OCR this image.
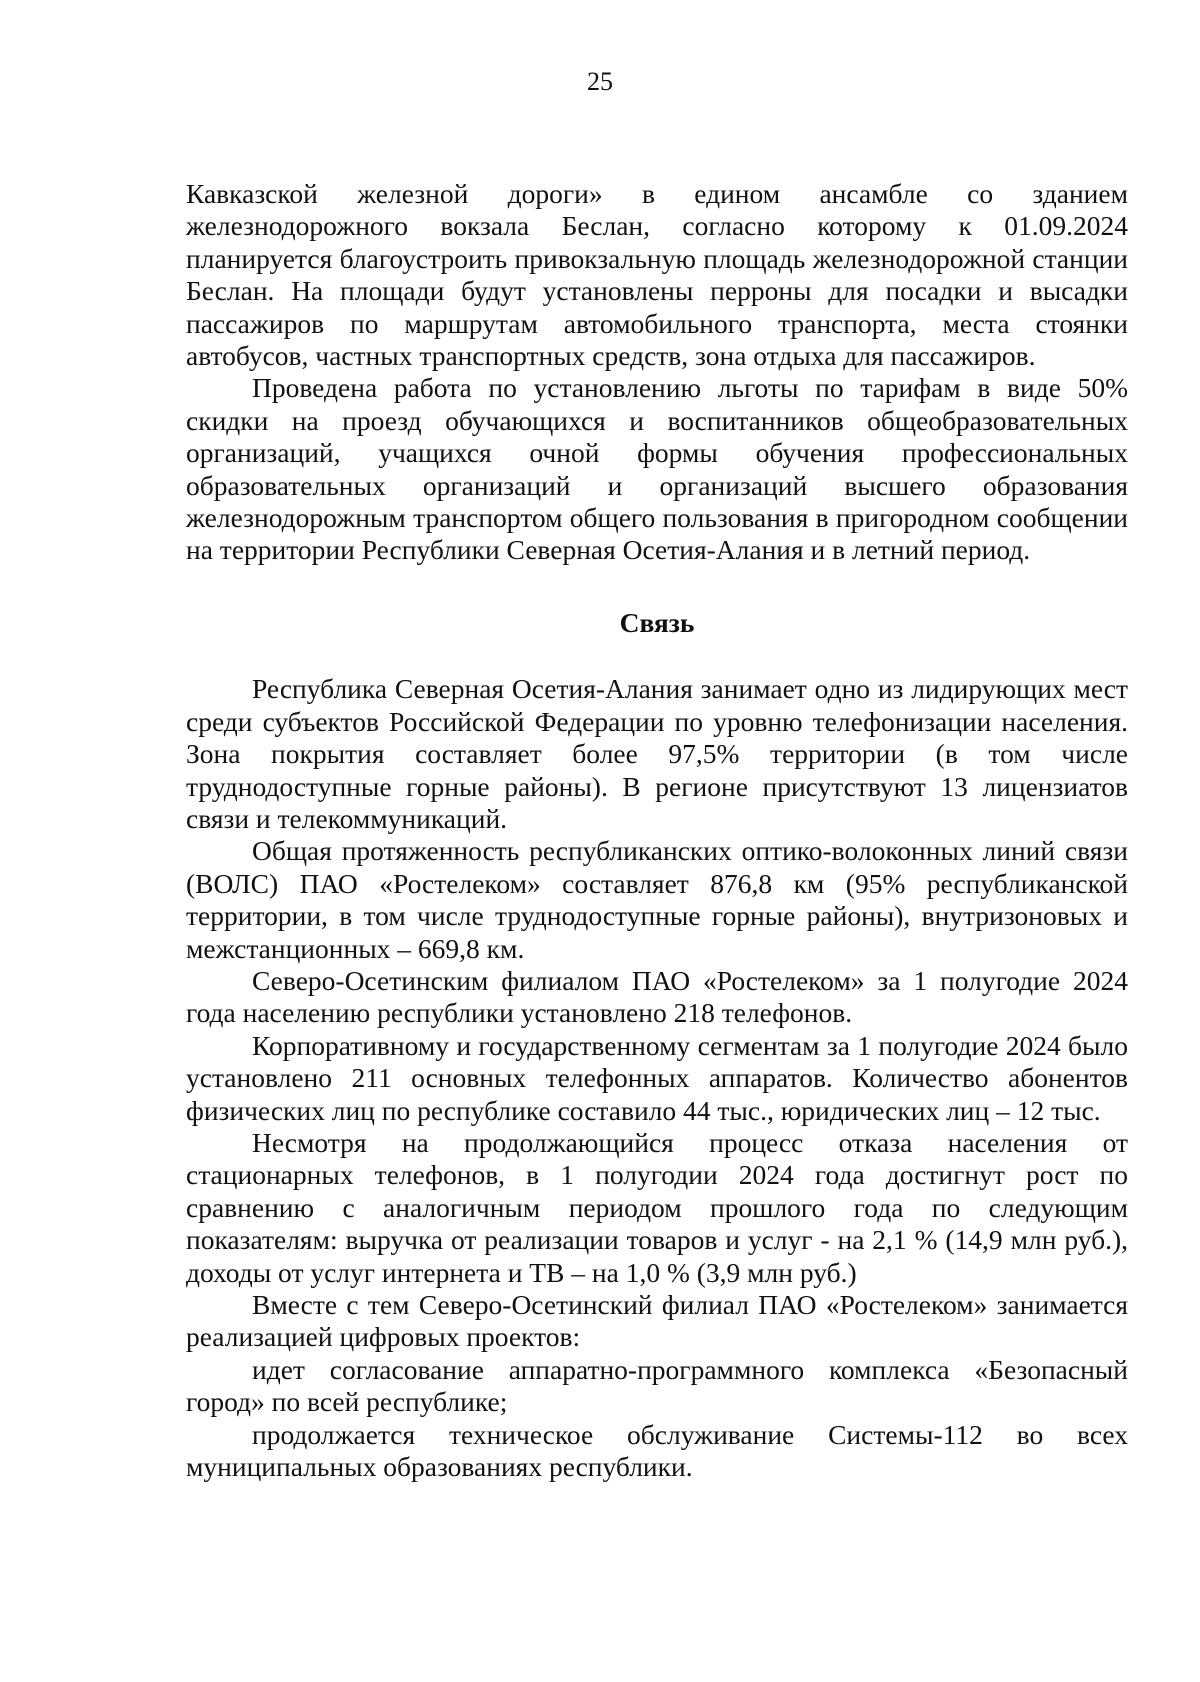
25

Кавказской железной дороги» в едином ансамбле со зданием железнодорожного вокзала Беслан, согласно которому к 01.09.2024 планируется благоустроить привокзальную площадь железнодорожной станции Беслан. На площади будут установлены перроны для посадки и высадки пассажиров по маршрутам автомобильного транспорта, места стоянки автобусов, частных транспортных средств, зона отдыха для пассажиров.

Проведена работа по установлению льготы по тарифам в виде 50% скидки на проезд обучающихся и воспитанников общеобразовательных организаций, учащихся очной формы обучения профессиональных образовательных организаций и организаций высшего образования железнодорожным транспортом общего пользования в пригородном сообщении на территории Республики Северная Осетия-Алания и в летний период.

Связь

Республика Северная Осетия-Алания занимает одно из лидирующих мест среди субъектов Российской Федерации по уровню телефонизации населения. Зона покрытия составляет более 97,5% территории (в том числе труднодоступные горные районы). В регионе присутствуют 13 лицензиатов связи и телекоммуникаций.

Общая протяженность республиканских оптико-волоконных линий связи (ВОЛС) ПАО «Ростелеком» составляет 876,8 км (95% республиканской территории, в том числе труднодоступные горные районы), внутризоновых и межстанционных – 669,8 км.

Северо-Осетинским филиалом ПАО «Ростелеком» за 1 полугодие 2024 года населению республики установлено 218 телефонов.

Корпоративному и государственному сегментам за 1 полугодие 2024 было установлено 211 основных телефонных аппаратов. Количество абонентов физических лиц по республике составило 44 тыс., юридических лиц – 12 тыс.

Несмотря на продолжающийся процесс отказа населения от стационарных телефонов, в 1 полугодии 2024 года достигнут рост по сравнению с аналогичным периодом прошлого года по следующим показателям: выручка от реализации товаров и услуг - на 2,1 % (14,9 млн руб.), доходы от услуг интернета и ТВ – на 1,0 % (3,9 млн руб.)

Вместе с тем Северо-Осетинский филиал ПАО «Ростелеком» занимается реализацией цифровых проектов:

идет согласование аппаратно-программного комплекса «Безопасный город» по всей республике;

продолжается техническое обслуживание Системы-112 во всех муниципальных образованиях республики.
